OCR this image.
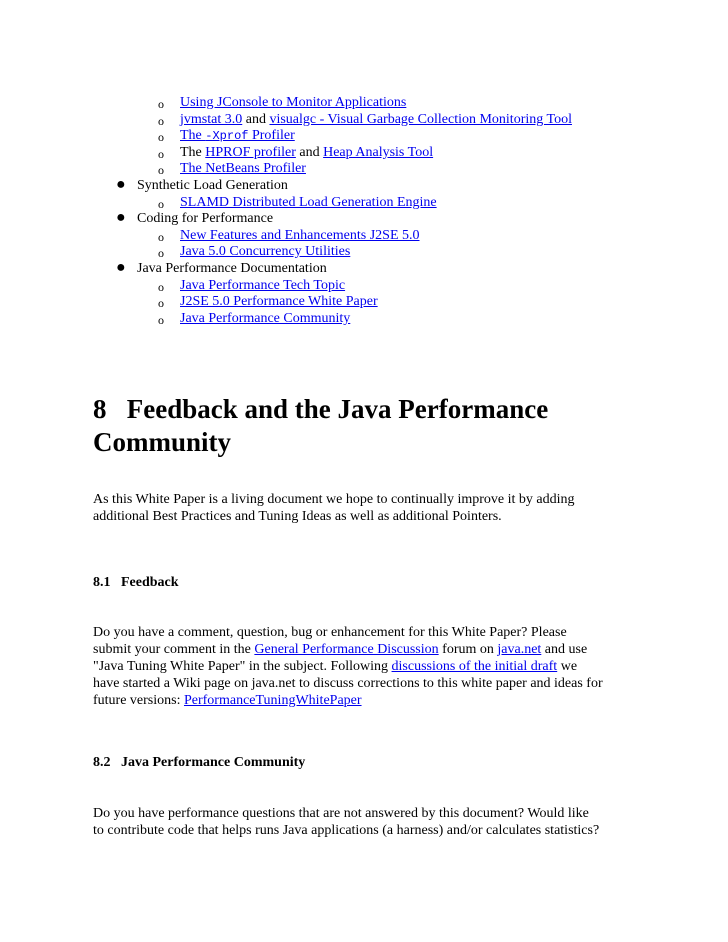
o Using JConsole to Monitor Applications
o jvmstat 3.0 and visualgc - Visual Garbage Collection Monitoring Tool
o The -Xprof Profiler
o The HPROF profiler and Heap Analysis Tool
o The NetBeans Profiler
● Synthetic Load Generation
o SLAMD Distributed Load Generation Engine
● Coding for Performance
o New Features and Enhancements J2SE 5.0
o Java 5.0 Concurrency Utilities
● Java Performance Documentation
o Java Performance Tech Topic
o J2SE 5.0 Performance White Paper
o Java Performance Community
8   Feedback and the Java Performance
Community

As this White Paper is a living document we hope to continually improve it by adding
additional Best Practices and Tuning Ideas as well as additional Pointers.

8.1   Feedback

Do you have a comment, question, bug or enhancement for this White Paper? Please
submit your comment in the General Performance Discussion forum on java.net and use
"Java Tuning White Paper" in the subject. Following discussions of the initial draft we
have started a Wiki page on java.net to discuss corrections to this white paper and ideas for
future versions: PerformanceTuningWhitePaper

8.2   Java Performance Community

Do you have performance questions that are not answered by this document? Would like
to contribute code that helps runs Java applications (a harness) and/or calculates statistics?
